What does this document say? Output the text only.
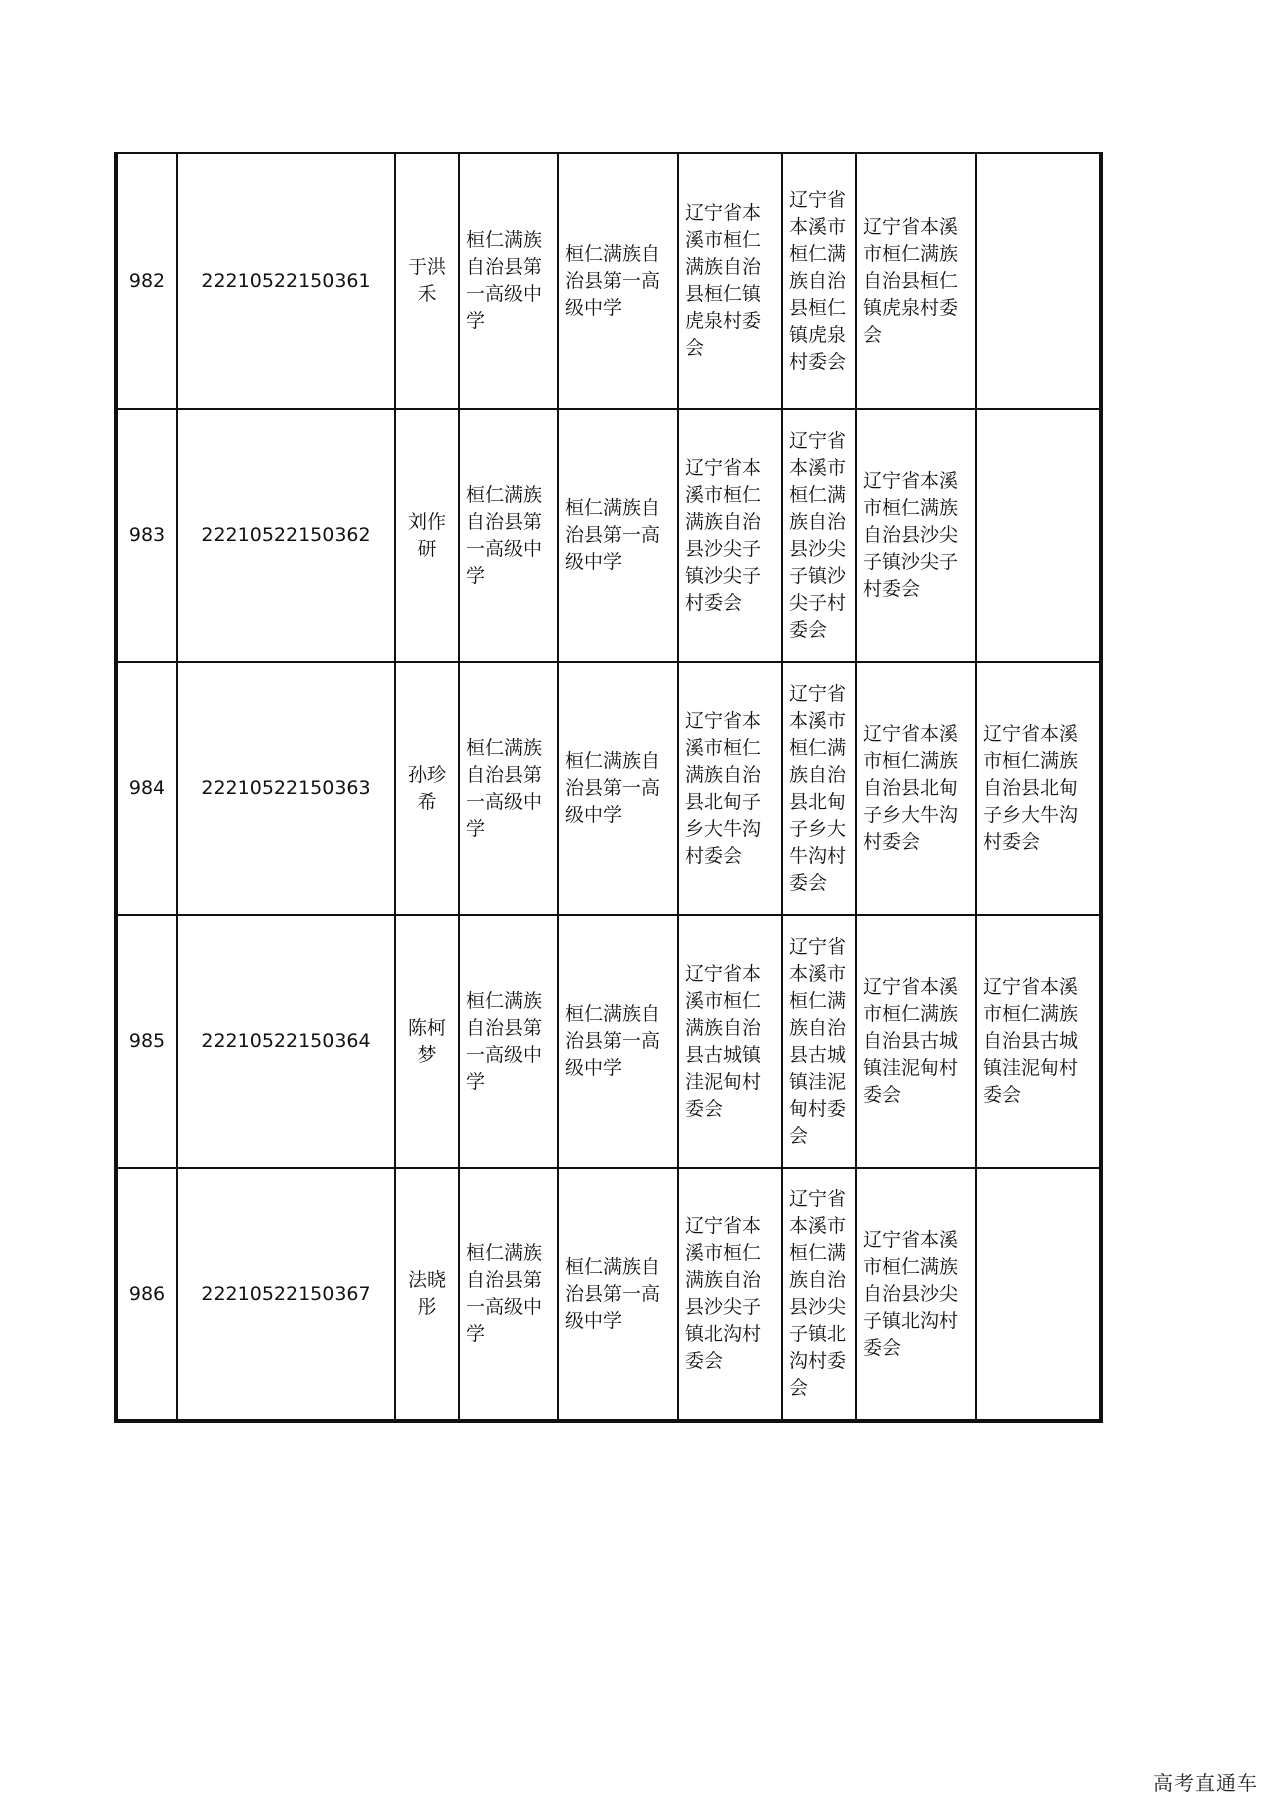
982	22210522150361	于洪禾	桓仁满族自治县第一高级中学	桓仁满族自治县第一高级中学	辽宁省本溪市桓仁满族自治县桓仁镇虎泉村委会	辽宁省本溪市桓仁满族自治县桓仁镇虎泉村委会	辽宁省本溪市桓仁满族自治县桓仁镇虎泉村委会	
983	22210522150362	刘作研	桓仁满族自治县第一高级中学	桓仁满族自治县第一高级中学	辽宁省本溪市桓仁满族自治县沙尖子镇沙尖子村委会	辽宁省本溪市桓仁满族自治县沙尖子镇沙尖子村委会	辽宁省本溪市桓仁满族自治县沙尖子镇沙尖子村委会	
984	22210522150363	孙珍希	桓仁满族自治县第一高级中学	桓仁满族自治县第一高级中学	辽宁省本溪市桓仁满族自治县北甸子乡大牛沟村委会	辽宁省本溪市桓仁满族自治县北甸子乡大牛沟村委会	辽宁省本溪市桓仁满族自治县北甸子乡大牛沟村委会	辽宁省本溪市桓仁满族自治县北甸子乡大牛沟村委会
985	22210522150364	陈柯梦	桓仁满族自治县第一高级中学	桓仁满族自治县第一高级中学	辽宁省本溪市桓仁满族自治县古城镇洼泥甸村委会	辽宁省本溪市桓仁满族自治县古城镇洼泥甸村委会	辽宁省本溪市桓仁满族自治县古城镇洼泥甸村委会	辽宁省本溪市桓仁满族自治县古城镇洼泥甸村委会
986	22210522150367	法晓彤	桓仁满族自治县第一高级中学	桓仁满族自治县第一高级中学	辽宁省本溪市桓仁满族自治县沙尖子镇北沟村委会	辽宁省本溪市桓仁满族自治县沙尖子镇北沟村委会	辽宁省本溪市桓仁满族自治县沙尖子镇北沟村委会	
高考直通车
